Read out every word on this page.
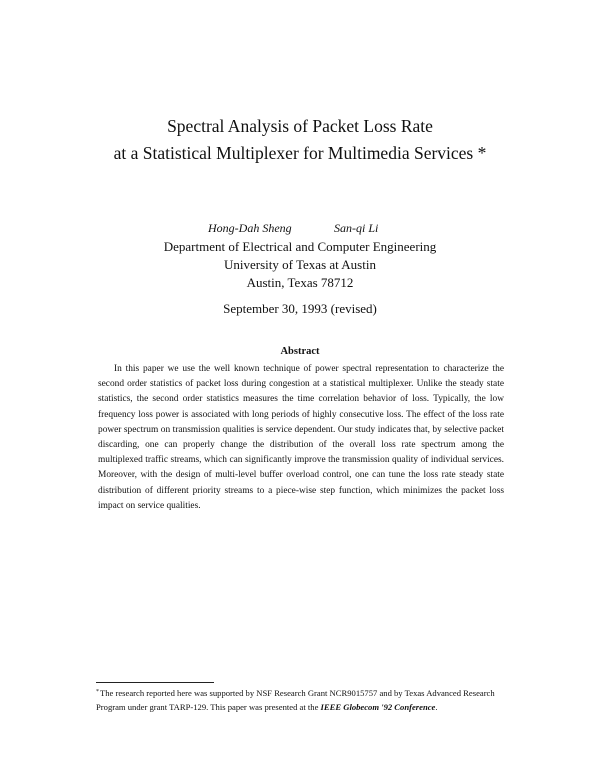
Spectral Analysis of Packet Loss Rate
at a Statistical Multiplexer for Multimedia Services *
Hong-Dah Sheng	San-qi Li
Department of Electrical and Computer Engineering
University of Texas at Austin
Austin, Texas 78712
September 30, 1993 (revised)
Abstract

In this paper we use the well known technique of power spectral representation to characterize the second order statistics of packet loss during congestion at a statistical multiplexer. Unlike the steady state statistics, the second order statistics measures the time correlation behavior of loss. Typically, the low frequency loss power is associated with long periods of highly consecutive loss. The effect of the loss rate power spectrum on transmission qualities is service dependent. Our study indicates that, by selective packet discarding, one can properly change the distribution of the overall loss rate spectrum among the multiplexed traffic streams, which can significantly improve the transmission quality of individual services. Moreover, with the design of multi-level buffer overload control, one can tune the loss rate steady state distribution of different priority streams to a piece-wise step function, which minimizes the packet loss impact on service qualities.

*The research reported here was supported by NSF Research Grant NCR9015757 and by Texas Advanced Research Program under grant TARP-129. This paper was presented at the IEEE Globecom '92 Conference.
